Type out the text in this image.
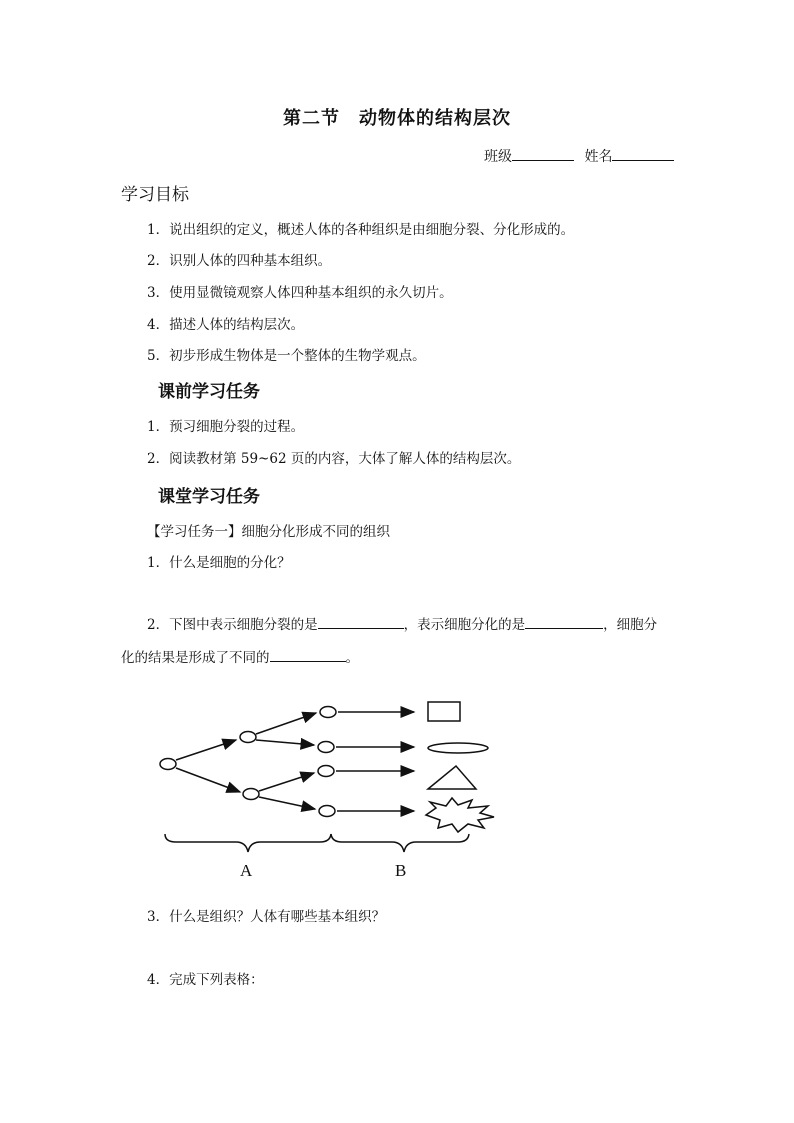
第二节　动物体的结构层次
班级	姓名
学习目标
1．说出组织的定义，概述人体的各种组织是由细胞分裂、分化形成的。
2．识别人体的四种基本组织。
3．使用显微镜观察人体四种基本组织的永久切片。
4．描述人体的结构层次。
5．初步形成生物体是一个整体的生物学观点。
课前学习任务
1．预习细胞分裂的过程。
2．阅读教材第 59~62 页的内容，大体了解人体的结构层次。
课堂学习任务
【学习任务一】细胞分化形成不同的组织
1．什么是细胞的分化？
2．下图中表示细胞分裂的是	，表示细胞分化的是	，细胞分
化的结果是形成了不同的	。
A	B
3．什么是组织？人体有哪些基本组织？
4．完成下列表格：
